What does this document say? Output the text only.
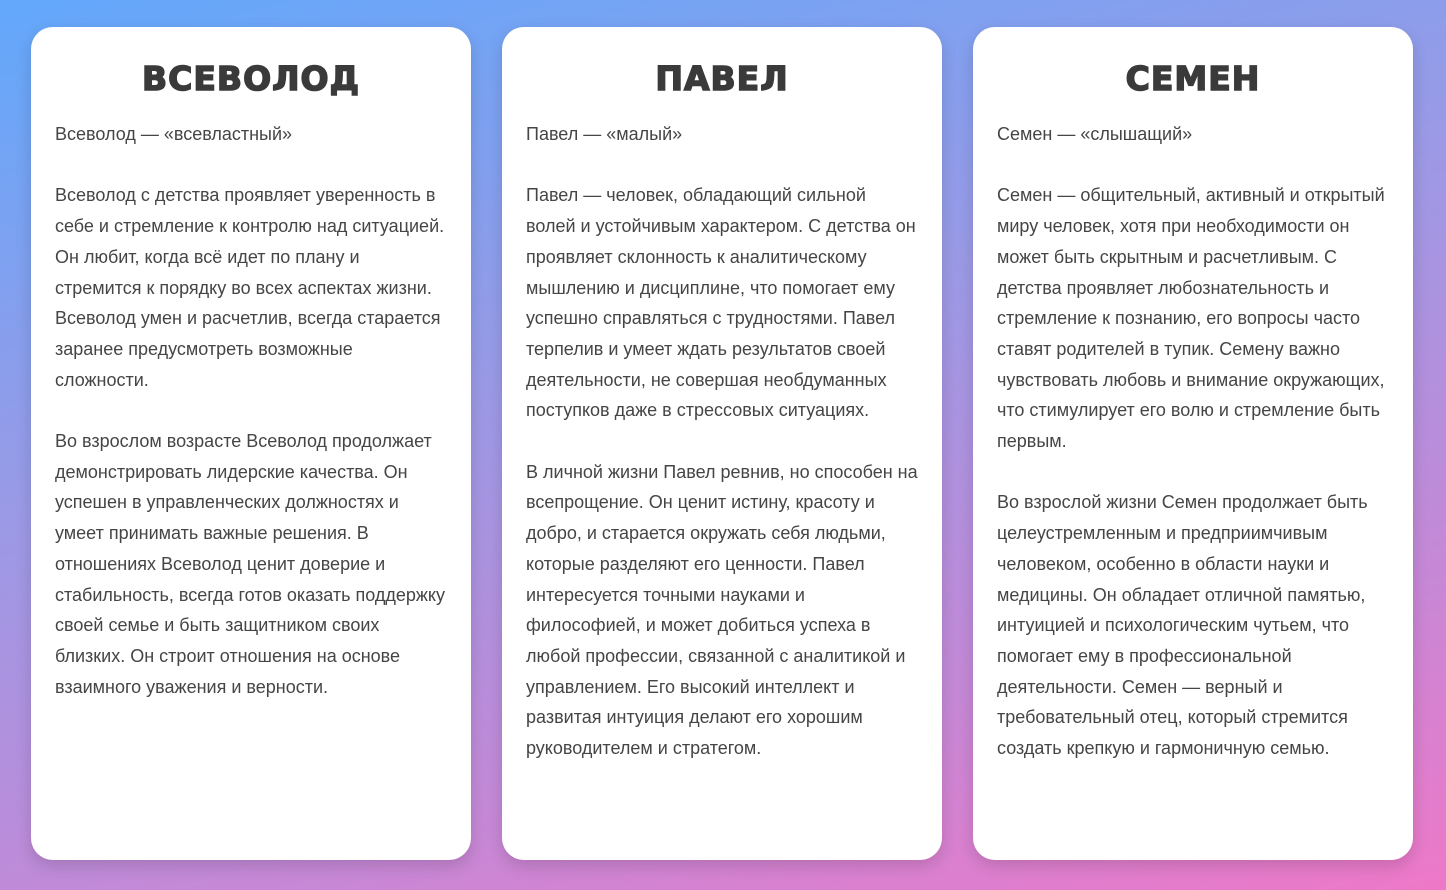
ВСЕВОЛОД

Всеволод — «всевластный»

Всеволод с детства проявляет уверенность в себе и стремление к контролю над ситуацией. Он любит, когда всё идет по плану и стремится к порядку во всех аспектах жизни. Всеволод умен и расчетлив, всегда старается заранее предусмотреть возможные сложности.

Во взрослом возрасте Всеволод продолжает демонстрировать лидерские качества. Он успешен в управленческих должностях и умеет принимать важные решения. В отношениях Всеволод ценит доверие и стабильность, всегда готов оказать поддержку своей семье и быть защитником своих близких. Он строит отношения на основе взаимного уважения и верности.

ПАВЕЛ

Павел — «малый»

Павел — человек, обладающий сильной волей и устойчивым характером. С детства он проявляет склонность к аналитическому мышлению и дисциплине, что помогает ему успешно справляться с трудностями. Павел терпелив и умеет ждать результатов своей деятельности, не совершая необдуманных поступков даже в стрессовых ситуациях.

В личной жизни Павел ревнив, но способен на всепрощение. Он ценит истину, красоту и добро, и старается окружать себя людьми, которые разделяют его ценности. Павел интересуется точными науками и философией, и может добиться успеха в любой профессии, связанной с аналитикой и управлением. Его высокий интеллект и развитая интуиция делают его хорошим руководителем и стратегом.

СЕМЕН

Семен — «слышащий»

Семен — общительный, активный и открытый миру человек, хотя при необходимости он может быть скрытным и расчетливым. С детства проявляет любознательность и стремление к познанию, его вопросы часто ставят родителей в тупик. Семену важно чувствовать любовь и внимание окружающих, что стимулирует его волю и стремление быть первым.

Во взрослой жизни Семен продолжает быть целеустремленным и предприимчивым человеком, особенно в области науки и медицины. Он обладает отличной памятью, интуицией и психологическим чутьем, что помогает ему в профессиональной деятельности. Семен — верный и требовательный отец, который стремится создать крепкую и гармоничную семью.
